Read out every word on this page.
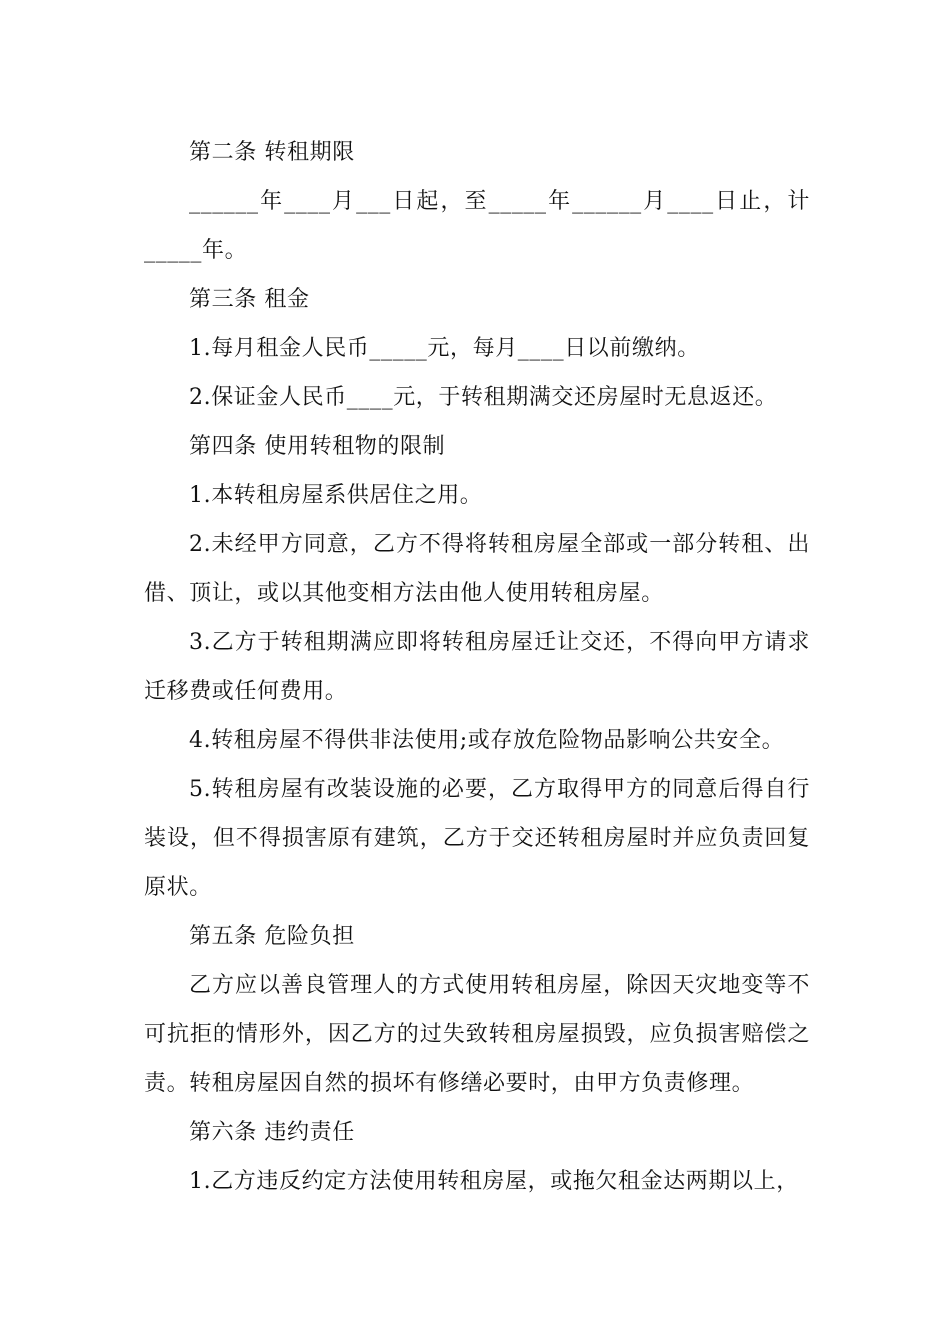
第二条 转租期限

______年____月___日起，至_____年______月____日止，计_____年。

第三条 租金

1.每月租金人民币_____元，每月____日以前缴纳。

2.保证金人民币____元，于转租期满交还房屋时无息返还。

第四条 使用转租物的限制

1.本转租房屋系供居住之用。

2.未经甲方同意，乙方不得将转租房屋全部或一部分转租、出借、顶让，或以其他变相方法由他人使用转租房屋。

3.乙方于转租期满应即将转租房屋迁让交还，不得向甲方请求迁移费或任何费用。

4.转租房屋不得供非法使用;或存放危险物品影响公共安全。

5.转租房屋有改装设施的必要，乙方取得甲方的同意后得自行装设，但不得损害原有建筑，乙方于交还转租房屋时并应负责回复原状。

第五条 危险负担

乙方应以善良管理人的方式使用转租房屋，除因天灾地变等不可抗拒的情形外，因乙方的过失致转租房屋损毁，应负损害赔偿之责。转租房屋因自然的损坏有修缮必要时，由甲方负责修理。

第六条 违约责任

1.乙方违反约定方法使用转租房屋，或拖欠租金达两期以上，
